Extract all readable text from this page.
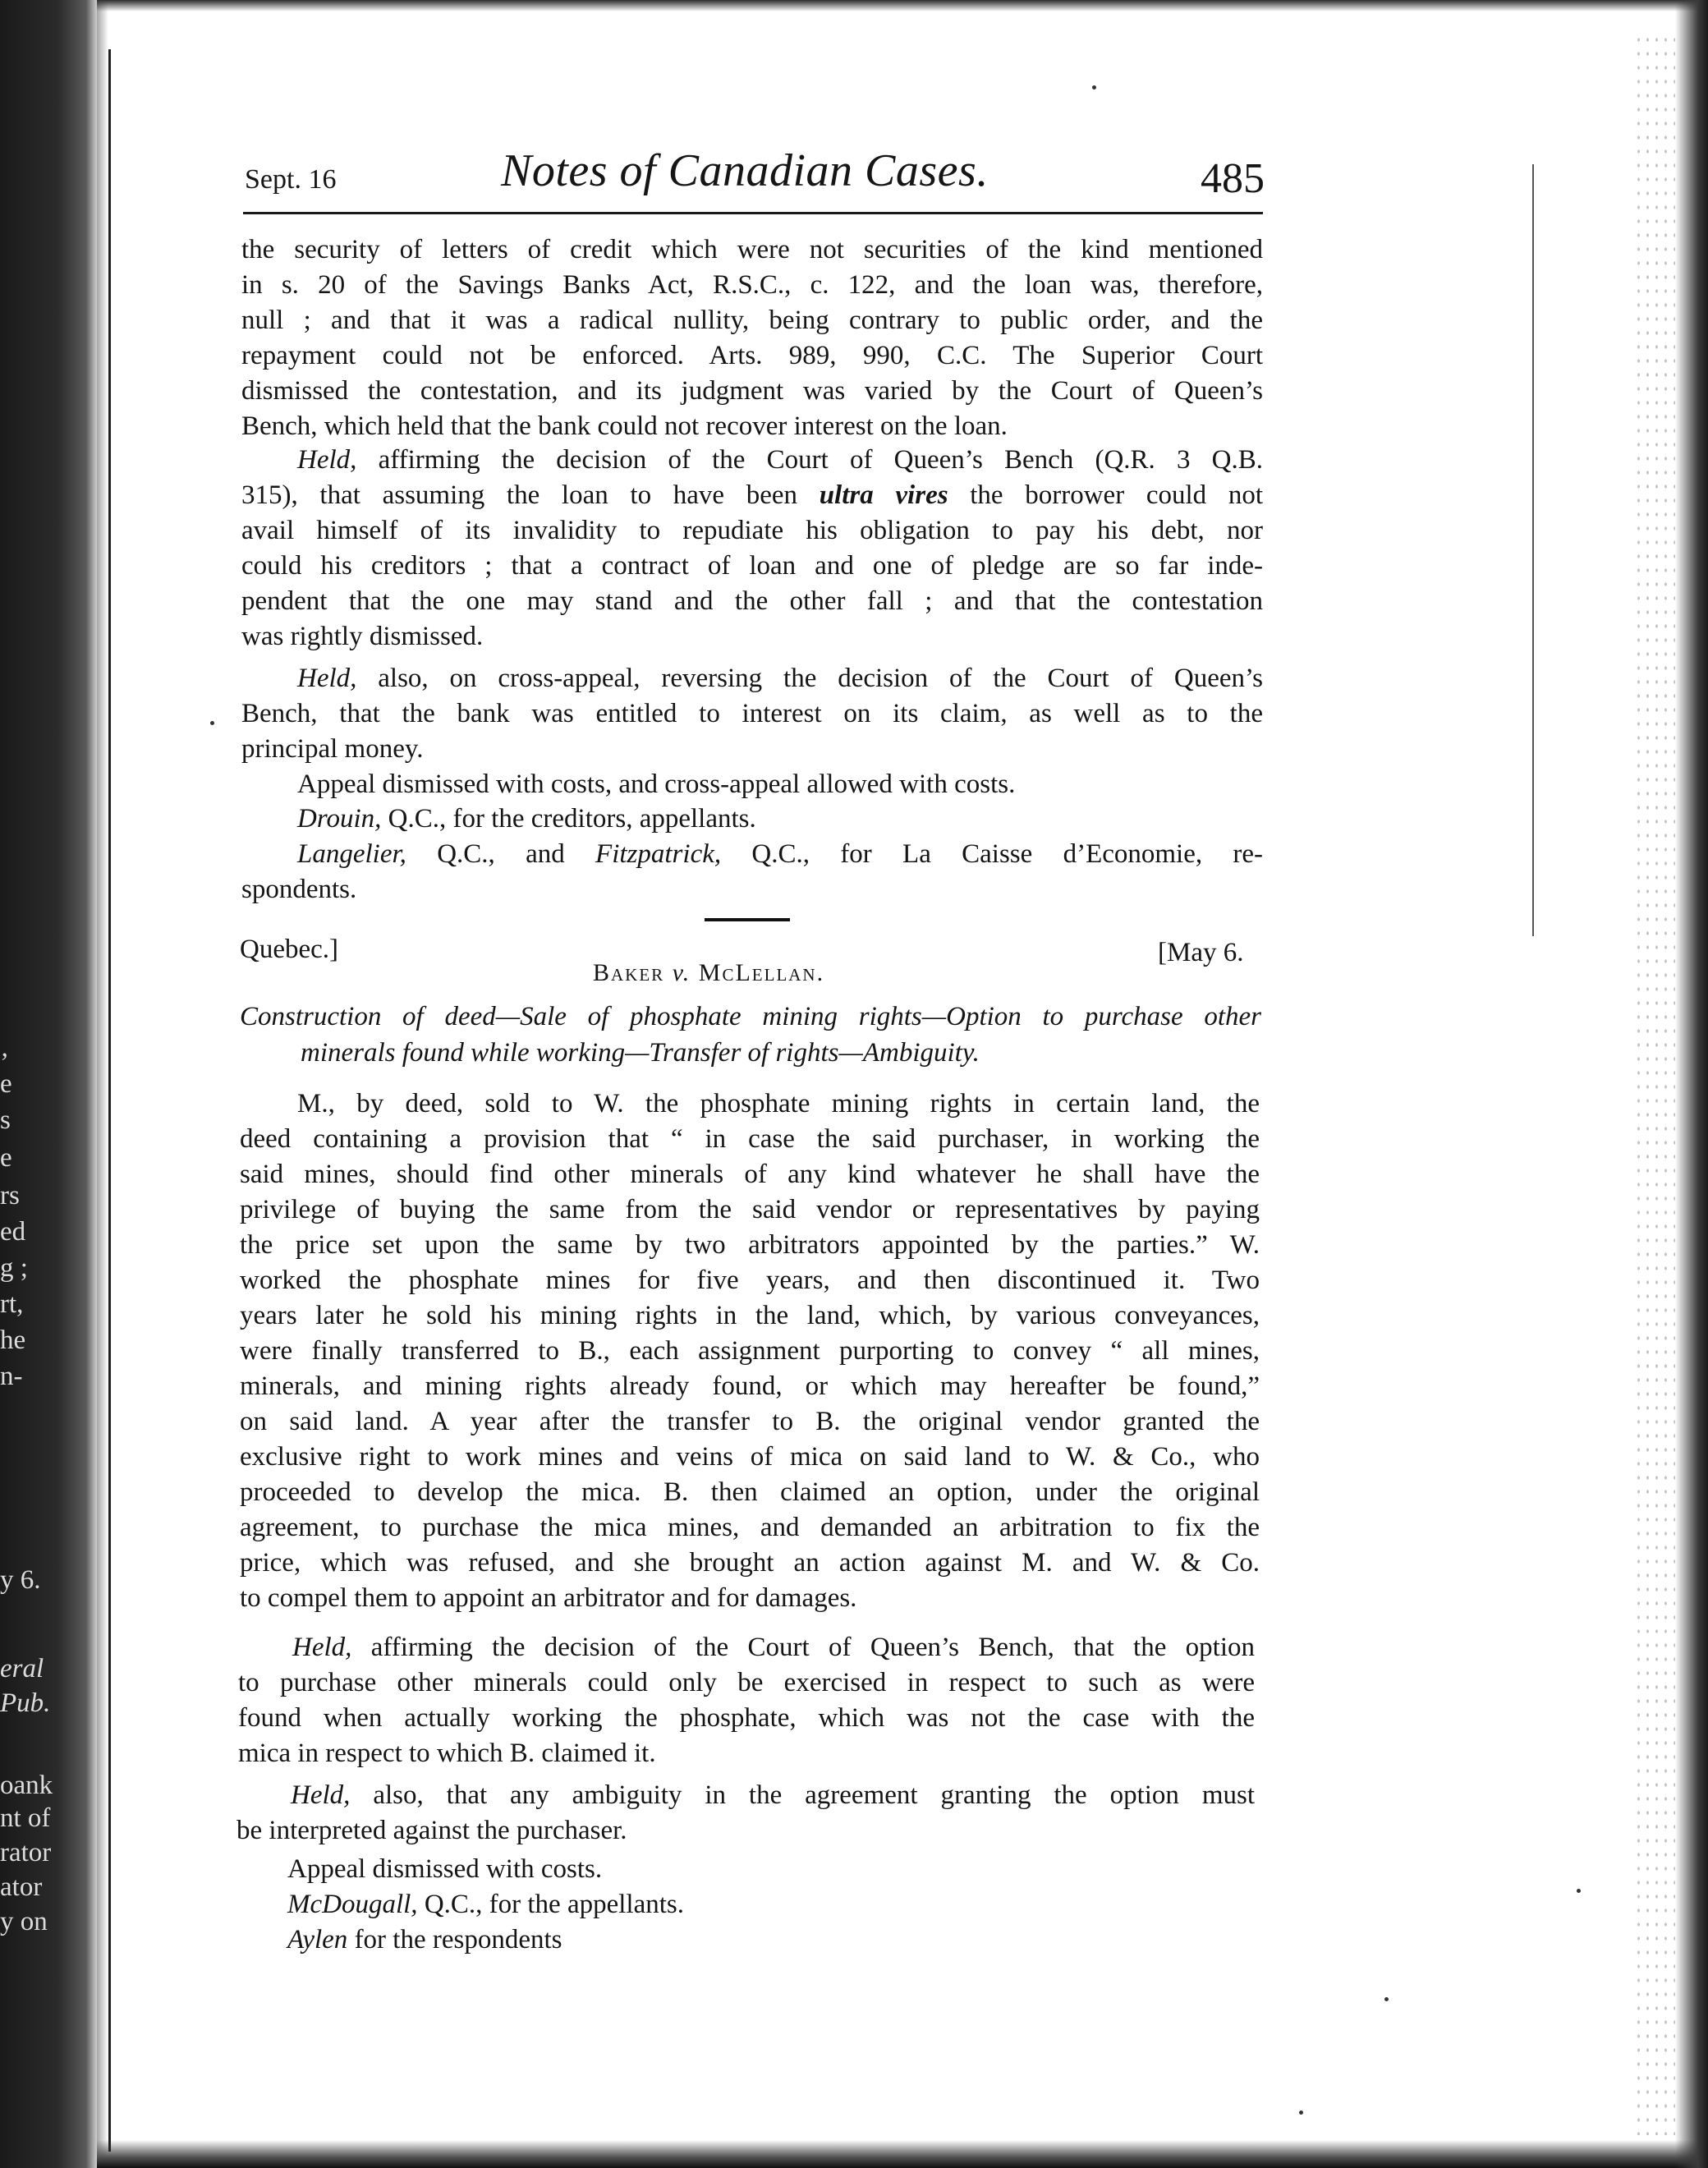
’
e
s
e
rs
ed
g ;
rt,
he
n-
y 6.
eral
Pub.
oank
nt of
rator
ator
y on
Sept. 16	Notes of Canadian Cases.	485
the security of letters of credit which were not securities of the kind mentioned
in s. 20 of the Savings Banks Act, R.S.C., c. 122, and the loan was, therefore,
null ; and that it was a radical nullity, being contrary to public order, and the
repayment could not be enforced. Arts. 989, 990, C.C. The Superior Court
dismissed the contestation, and its judgment was varied by the Court of Queen’s
Bench, which held that the bank could not recover interest on the loan.
Held, affirming the decision of the Court of Queen’s Bench (Q.R. 3 Q.B.
315), that assuming the loan to have been ultra vires the borrower could not
avail himself of its invalidity to repudiate his obligation to pay his debt, nor
could his creditors ; that a contract of loan and one of pledge are so far inde-
pendent that the one may stand and the other fall ; and that the contestation
was rightly dismissed.
Held, also, on cross-appeal, reversing the decision of the Court of Queen’s
Bench, that the bank was entitled to interest on its claim, as well as to the
principal money.
Appeal dismissed with costs, and cross-appeal allowed with costs.
Drouin, Q.C., for the creditors, appellants.
Langelier, Q.C., and Fitzpatrick, Q.C., for La Caisse d’Economie, re-
spondents.
Quebec.]	[May 6.
Baker v. McLellan.
Construction of deed—Sale of phosphate mining rights—Option to purchase other
minerals found while working—Transfer of rights—Ambiguity.
M., by deed, sold to W. the phosphate mining rights in certain land, the
deed containing a provision that “ in case the said purchaser, in working the
said mines, should find other minerals of any kind whatever he shall have the
privilege of buying the same from the said vendor or representatives by paying
the price set upon the same by two arbitrators appointed by the parties.” W.
worked the phosphate mines for five years, and then discontinued it. Two
years later he sold his mining rights in the land, which, by various conveyances,
were finally transferred to B., each assignment purporting to convey “ all mines,
minerals, and mining rights already found, or which may hereafter be found,”
on said land. A year after the transfer to B. the original vendor granted the
exclusive right to work mines and veins of mica on said land to W. & Co., who
proceeded to develop the mica. B. then claimed an option, under the original
agreement, to purchase the mica mines, and demanded an arbitration to fix the
price, which was refused, and she brought an action against M. and W. & Co.
to compel them to appoint an arbitrator and for damages.
Held, affirming the decision of the Court of Queen’s Bench, that the option
to purchase other minerals could only be exercised in respect to such as were
found when actually working the phosphate, which was not the case with the
mica in respect to which B. claimed it.
Held, also, that any ambiguity in the agreement granting the option must
be interpreted against the purchaser.
Appeal dismissed with costs.
McDougall, Q.C., for the appellants.
Aylen for the respondents
